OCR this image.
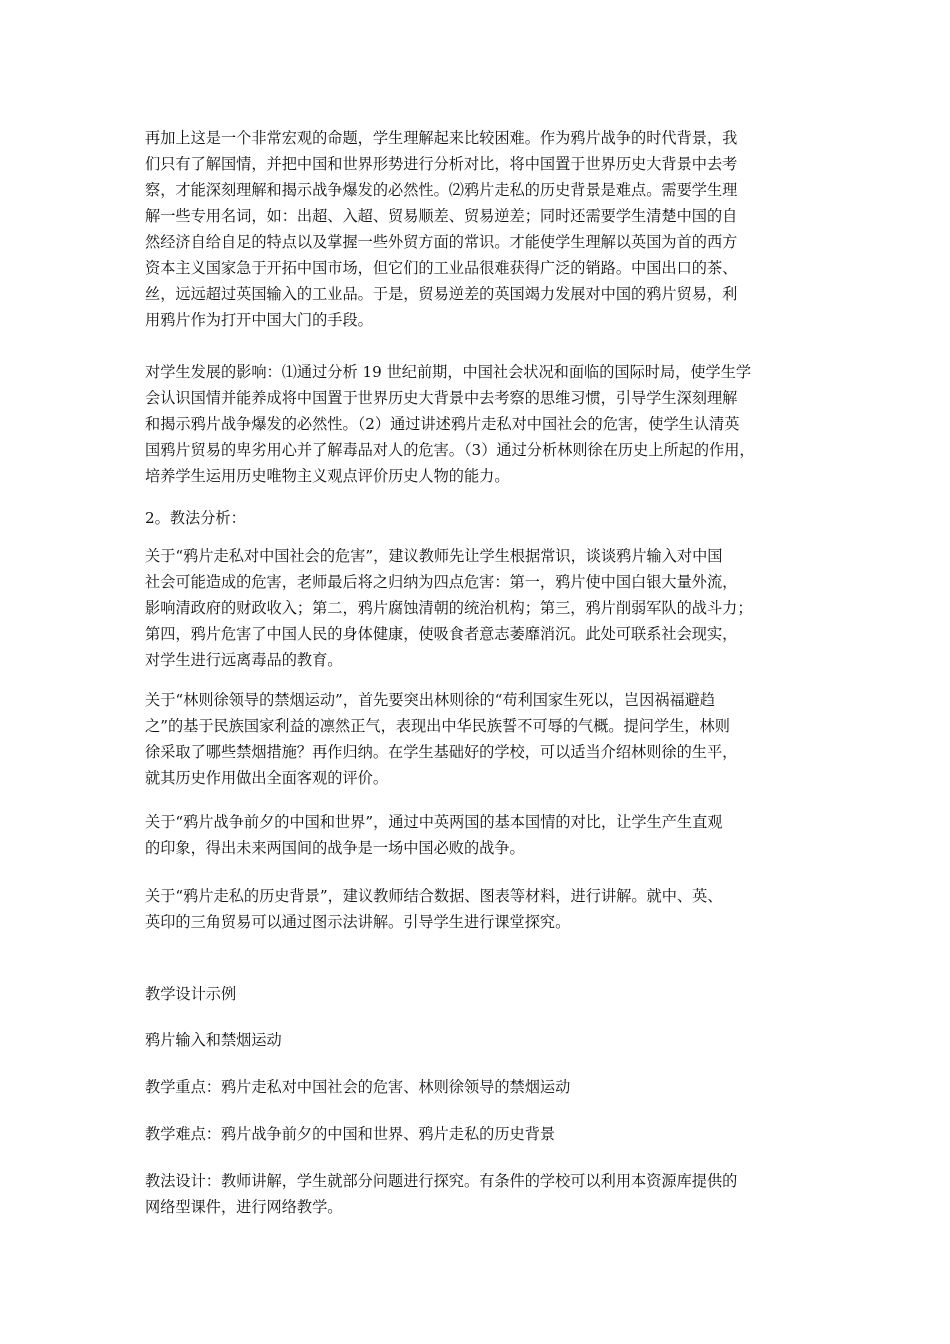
再加上这是一个非常宏观的命题，学生理解起来比较困难。作为鸦片战争的时代背景，我
们只有了解国情，并把中国和世界形势进行分析对比，将中国置于世界历史大背景中去考
察，才能深刻理解和揭示战争爆发的必然性。⑵鸦片走私的历史背景是难点。需要学生理
解一些专用名词，如：出超、入超、贸易顺差、贸易逆差；同时还需要学生清楚中国的自
然经济自给自足的特点以及掌握一些外贸方面的常识。才能使学生理解以英国为首的西方
资本主义国家急于开拓中国市场，但它们的工业品很难获得广泛的销路。中国出口的茶、
丝，远远超过英国输入的工业品。于是，贸易逆差的英国竭力发展对中国的鸦片贸易，利
用鸦片作为打开中国大门的手段。
对学生发展的影响：⑴通过分析 19 世纪前期，中国社会状况和面临的国际时局，使学生学
会认识国情并能养成将中国置于世界历史大背景中去考察的思维习惯，引导学生深刻理解
和揭示鸦片战争爆发的必然性。（2）通过讲述鸦片走私对中国社会的危害，使学生认清英
国鸦片贸易的卑劣用心并了解毒品对人的危害。（3）通过分析林则徐在历史上所起的作用，
培养学生运用历史唯物主义观点评价历史人物的能力。
2。教法分析：
关于“鸦片走私对中国社会的危害”，建议教师先让学生根据常识，谈谈鸦片输入对中国
社会可能造成的危害，老师最后将之归纳为四点危害：第一，鸦片使中国白银大量外流，
影响清政府的财政收入；第二，鸦片腐蚀清朝的统治机构；第三，鸦片削弱军队的战斗力；
第四，鸦片危害了中国人民的身体健康，使吸食者意志萎靡消沉。此处可联系社会现实，
对学生进行远离毒品的教育。
关于“林则徐领导的禁烟运动”，首先要突出林则徐的“苟利国家生死以，岂因祸福避趋
之”的基于民族国家利益的凛然正气，表现出中华民族誓不可辱的气概。提问学生，林则
徐采取了哪些禁烟措施？再作归纳。在学生基础好的学校，可以适当介绍林则徐的生平，
就其历史作用做出全面客观的评价。
关于“鸦片战争前夕的中国和世界”，通过中英两国的基本国情的对比，让学生产生直观
的印象，得出未来两国间的战争是一场中国必败的战争。
关于“鸦片走私的历史背景”，建议教师结合数据、图表等材料，进行讲解。就中、英、
英印的三角贸易可以通过图示法讲解。引导学生进行课堂探究。
教学设计示例
鸦片输入和禁烟运动
教学重点：鸦片走私对中国社会的危害、林则徐领导的禁烟运动
教学难点：鸦片战争前夕的中国和世界、鸦片走私的历史背景
教法设计：教师讲解，学生就部分问题进行探究。有条件的学校可以利用本资源库提供的
网络型课件，进行网络教学。
